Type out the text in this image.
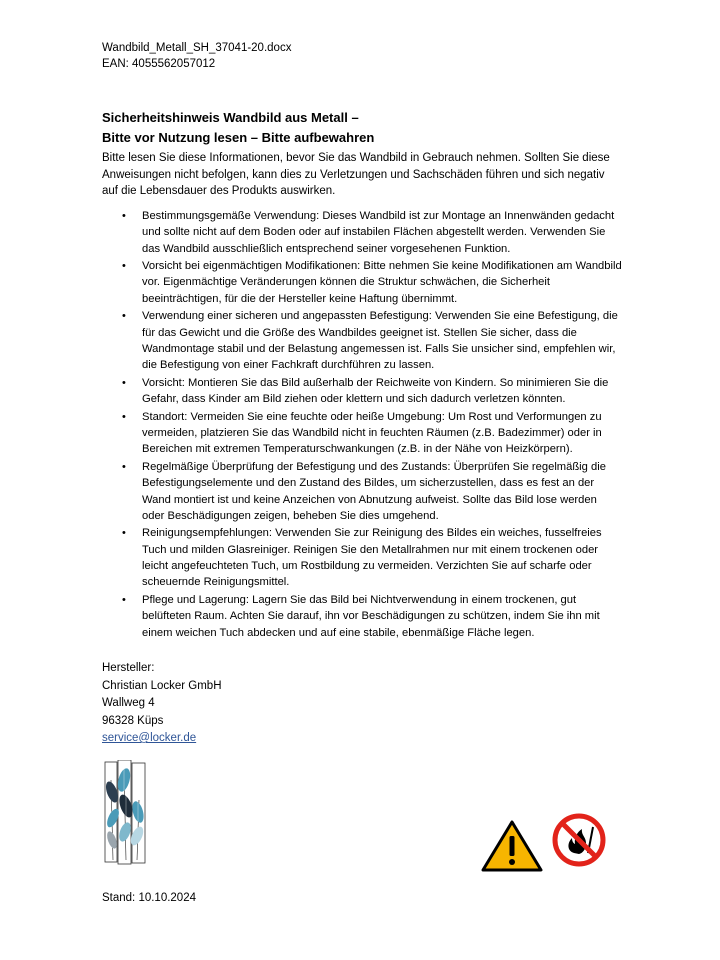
Wandbild_Metall_SH_37041-20.docx
EAN: 4055562057012
Sicherheitshinweis Wandbild aus Metall –
Bitte vor Nutzung lesen – Bitte aufbewahren
Bitte lesen Sie diese Informationen, bevor Sie das Wandbild in Gebrauch nehmen. Sollten Sie diese Anweisungen nicht befolgen, kann dies zu Verletzungen und Sachschäden führen und sich negativ auf die Lebensdauer des Produkts auswirken.
• Bestimmungsgemäße Verwendung: Dieses Wandbild ist zur Montage an Innenwänden gedacht und sollte nicht auf dem Boden oder auf instabilen Flächen abgestellt werden. Verwenden Sie das Wandbild ausschließlich entsprechend seiner vorgesehenen Funktion.
• Vorsicht bei eigenmächtigen Modifikationen: Bitte nehmen Sie keine Modifikationen am Wandbild vor. Eigenmächtige Veränderungen können die Struktur schwächen, die Sicherheit beeinträchtigen, für die der Hersteller keine Haftung übernimmt.
• Verwendung einer sicheren und angepassten Befestigung: Verwenden Sie eine Befestigung, die für das Gewicht und die Größe des Wandbildes geeignet ist. Stellen Sie sicher, dass die Wandmontage stabil und der Belastung angemessen ist. Falls Sie unsicher sind, empfehlen wir, die Befestigung von einer Fachkraft durchführen zu lassen.
• Vorsicht: Montieren Sie das Bild außerhalb der Reichweite von Kindern. So minimieren Sie die Gefahr, dass Kinder am Bild ziehen oder klettern und sich dadurch verletzen könnten.
• Standort: Vermeiden Sie eine feuchte oder heiße Umgebung: Um Rost und Verformungen zu vermeiden, platzieren Sie das Wandbild nicht in feuchten Räumen (z.B. Badezimmer) oder in Bereichen mit extremen Temperaturschwankungen (z.B. in der Nähe von Heizkörpern).
• Regelmäßige Überprüfung der Befestigung und des Zustands: Überprüfen Sie regelmäßig die Befestigungselemente und den Zustand des Bildes, um sicherzustellen, dass es fest an der Wand montiert ist und keine Anzeichen von Abnutzung aufweist. Sollte das Bild lose werden oder Beschädigungen zeigen, beheben Sie dies umgehend.
• Reinigungsempfehlungen: Verwenden Sie zur Reinigung des Bildes ein weiches, fusselfreies Tuch und milden Glasreiniger. Reinigen Sie den Metallrahmen nur mit einem trockenen oder leicht angefeuchteten Tuch, um Rostbildung zu vermeiden. Verzichten Sie auf scharfe oder scheuernde Reinigungsmittel.
• Pflege und Lagerung: Lagern Sie das Bild bei Nichtverwendung in einem trockenen, gut belüfteten Raum. Achten Sie darauf, ihn vor Beschädigungen zu schützen, indem Sie ihn mit einem weichen Tuch abdecken und auf eine stabile, ebenmäßige Fläche legen.
Hersteller:
Christian Locker GmbH
Wallweg 4
96328 Küps
service@locker.de
Stand: 10.10.2024
